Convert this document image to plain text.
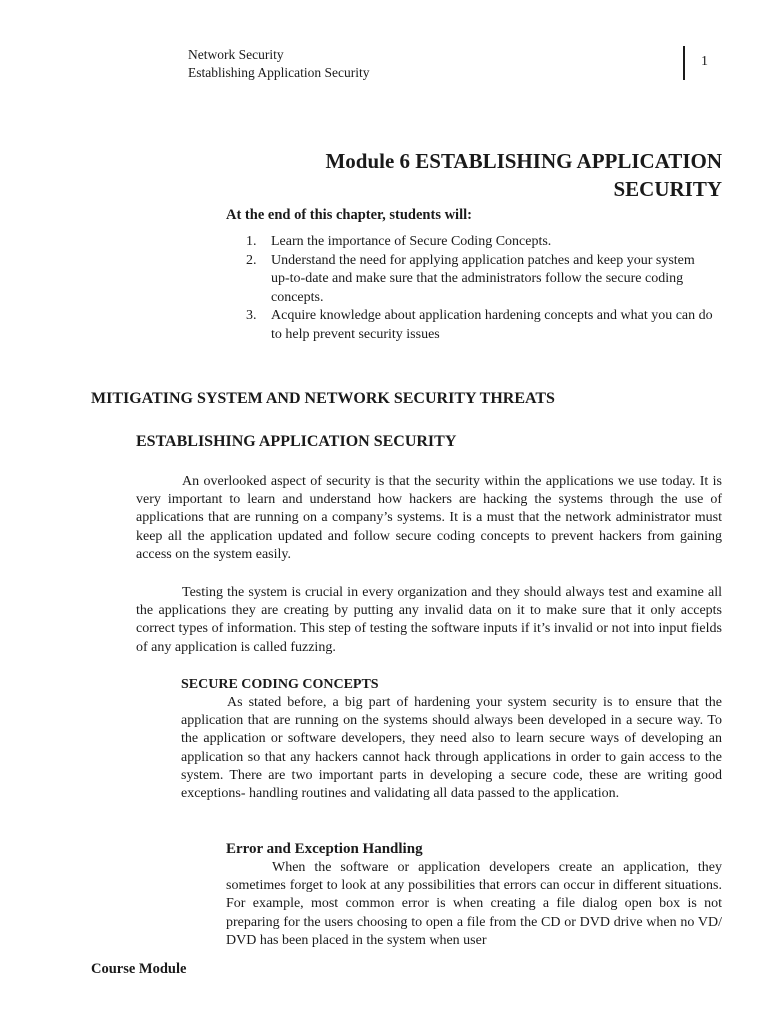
Network Security
Establishing Application Security
1
Module 6 ESTABLISHING APPLICATION
SECURITY
At the end of this chapter, students will:
1. Learn the importance of Secure Coding Concepts.
2. Understand the need for applying application patches and keep your system up-to-date and make sure that the administrators follow the secure coding concepts.
3. Acquire knowledge about application hardening concepts and what you can do to help prevent security issues
MITIGATING SYSTEM AND NETWORK SECURITY THREATS
ESTABLISHING APPLICATION SECURITY

An overlooked aspect of security is that the security within the applications we use today. It is very important to learn and understand how hackers are hacking the systems through the use of applications that are running on a company’s systems. It is a must that the network administrator must keep all the application updated and follow secure coding concepts to prevent hackers from gaining access on the system easily.

Testing the system is crucial in every organization and they should always test and examine all the applications they are creating by putting any invalid data on it to make sure that it only accepts correct types of information. This step of testing the software inputs if it’s invalid or not into input fields of any application is called fuzzing.

SECURE CODING CONCEPTS

As stated before, a big part of hardening your system security is to ensure that the application that are running on the systems should always been developed in a secure way. To the application or software developers, they need also to learn secure ways of developing an application so that any hackers cannot hack through applications in order to gain access to the system. There are two important parts in developing a secure code, these are writing good exceptions- handling routines and validating all data passed to the application.

Error and Exception Handling

When the software or application developers create an application, they sometimes forget to look at any possibilities that errors can occur in different situations. For example, most common error is when creating a file dialog open box is not preparing for the users choosing to open a file from the CD or DVD drive when no VD/ DVD has been placed in the system when user

Course Module
